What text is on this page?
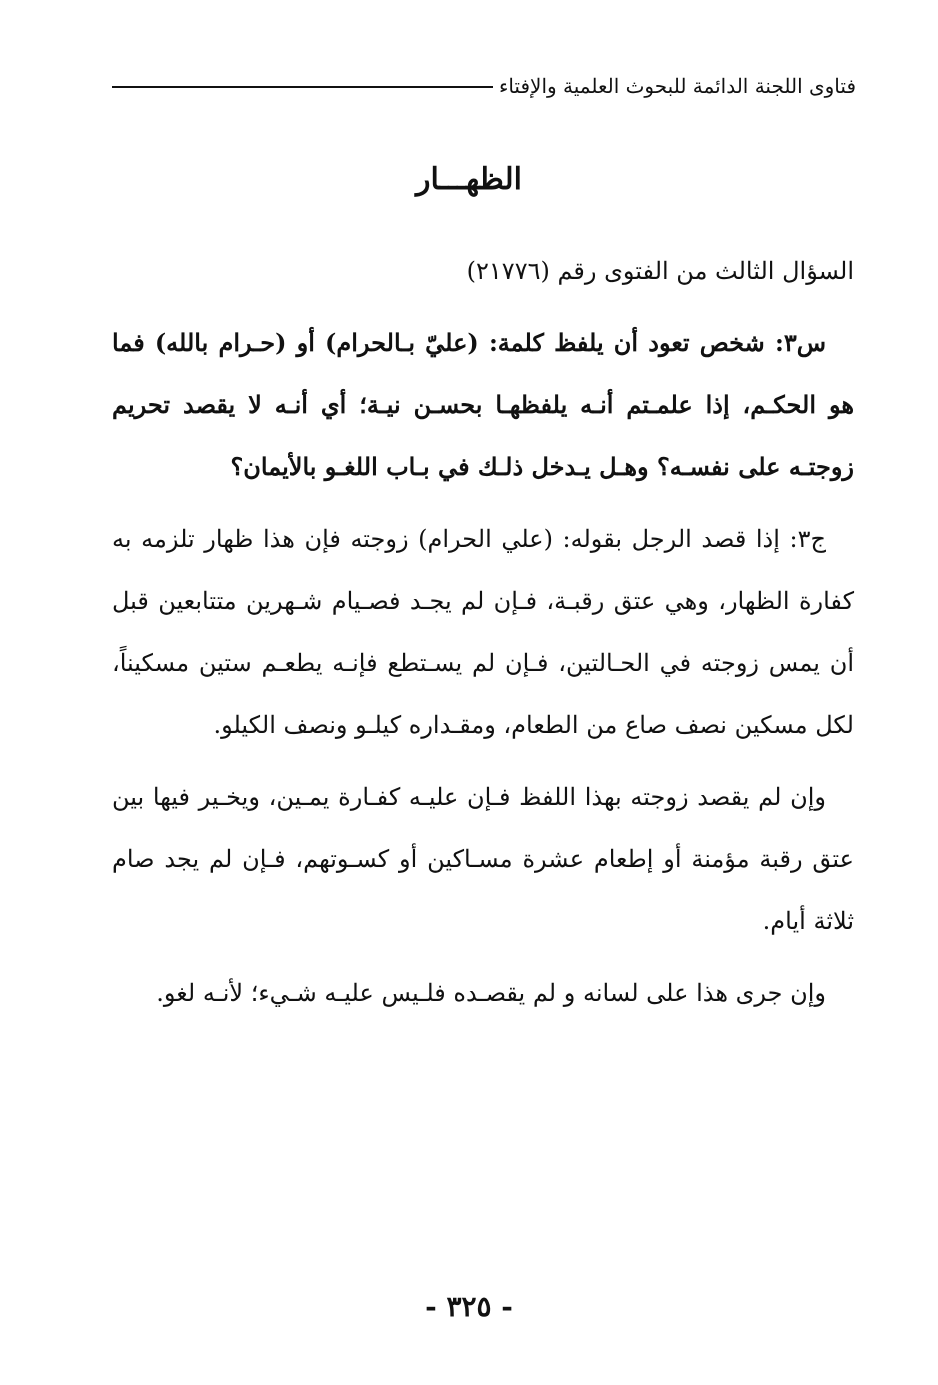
فتاوى اللجنة الدائمة للبحوث العلمية والإفتاء
الظهـــار

السؤال الثالث من الفتوى رقم (٢١٧٧٦)

س٣: شخص تعود أن يلفظ كلمة: (عليّ بـالحرام) أو (حـرام بالله) فما هو الحكـم، إذا علمـتم أنـه يلفظهـا بحسـن نيـة؛ أي أنـه لا يقصد تحريم زوجتـه على نفسـه؟ وهـل يـدخل ذلـك في بـاب اللغـو بالأيمان؟

ج٣: إذا قصد الرجل بقوله: (علي الحرام) زوجته فإن هذا ظهار تلزمه به كفارة الظهار، وهي عتق رقبـة، فـإن لم يجـد فصـيام شـهرين متتابعين قبل أن يمس زوجته في الحـالتين، فـإن لم يسـتطع فإنـه يطعـم ستين مسكيناً، لكل مسكين نصف صاع من الطعام، ومقـداره كيلـو ونصف الكيلو.

وإن لم يقصد زوجته بهذا اللفظ فـإن عليـه كفـارة يمـين، ويخـير فيها بين عتق رقبة مؤمنة أو إطعام عشرة مسـاكين أو كسـوتهم، فـإن لم يجد صام ثلاثة أيام.

وإن جرى هذا على لسانه و لم يقصـده فلـيس عليـه شـيء؛ لأنـه لغو.

- ٣٢٥ -
